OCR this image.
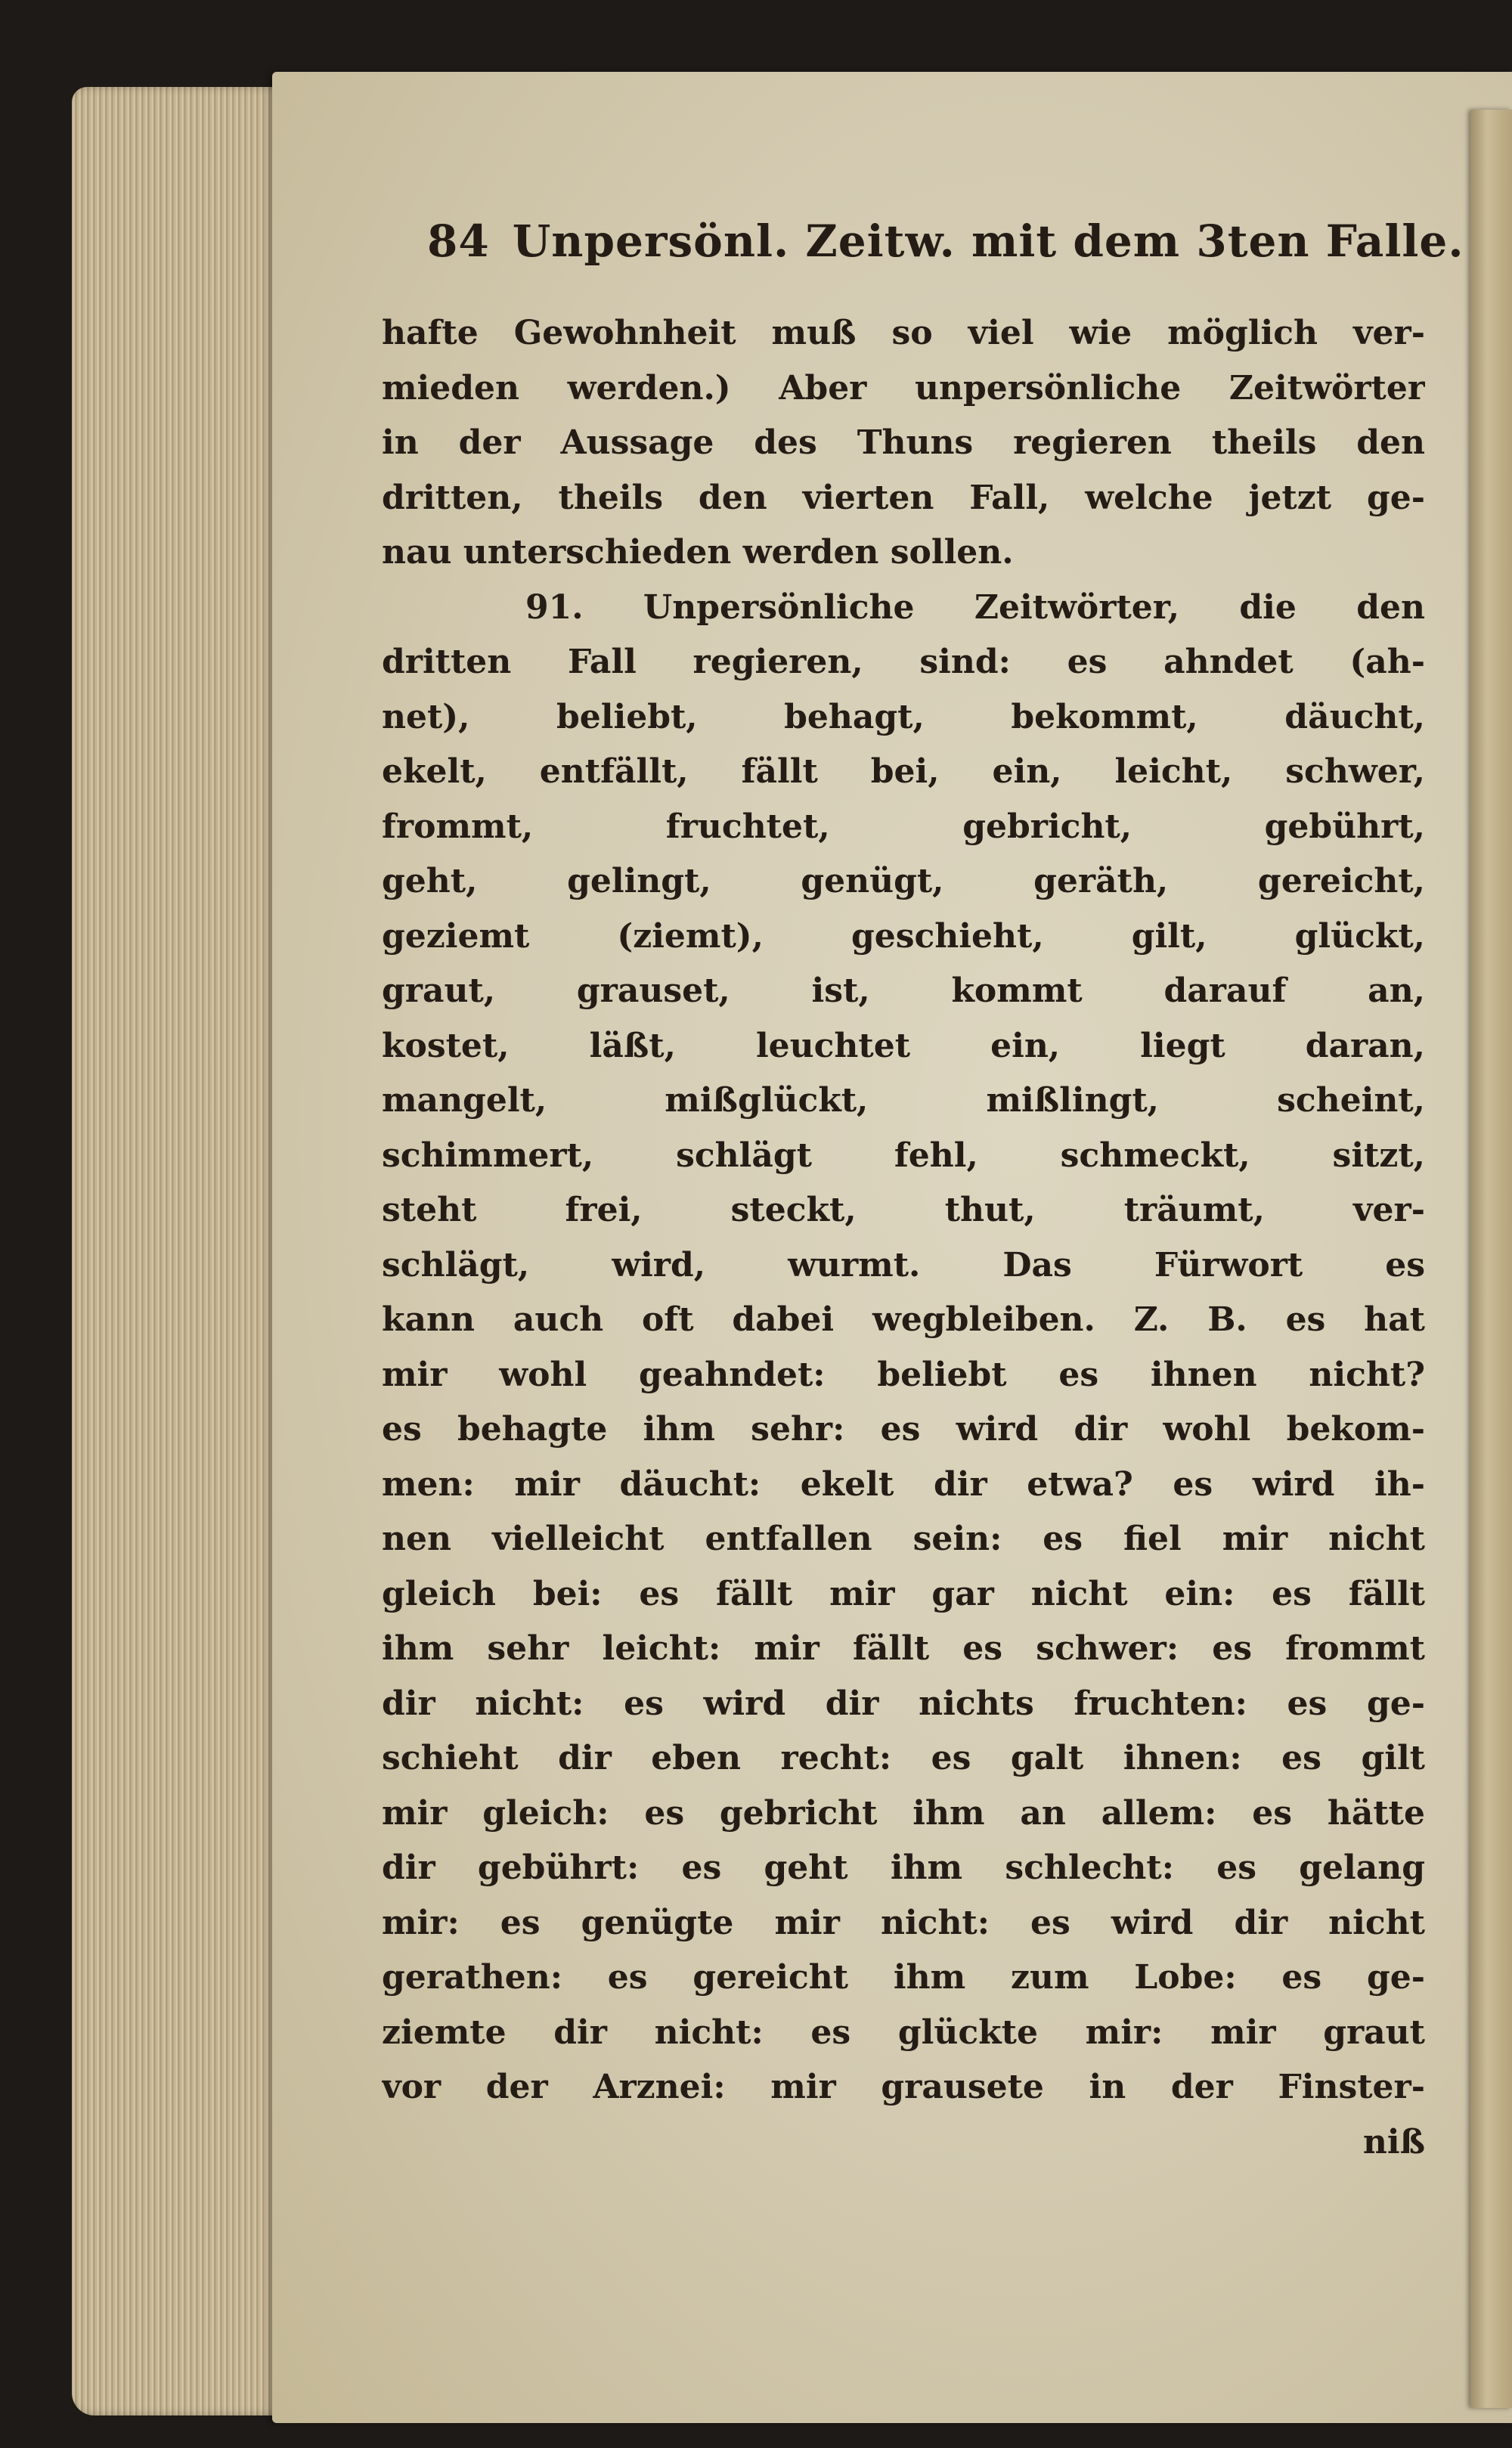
84 Unpersönl. Zeitw. mit dem 3ten Falle.
hafte Gewohnheit muß so viel wie möglich ver-
mieden werden.) Aber unpersönliche Zeitwörter
in der Aussage des Thuns regieren theils den
dritten, theils den vierten Fall, welche jetzt ge-
nau unterschieden werden sollen.
91. Unpersönliche Zeitwörter, die den
dritten Fall regieren, sind: es ahndet (ah-
net), beliebt, behagt, bekommt, däucht,
ekelt, entfällt, fällt bei, ein, leicht, schwer,
frommt, fruchtet, gebricht, gebührt,
geht, gelingt, genügt, geräth, gereicht,
geziemt (ziemt), geschieht, gilt, glückt,
graut, grauset, ist, kommt darauf an,
kostet, läßt, leuchtet ein, liegt daran,
mangelt, mißglückt, mißlingt, scheint,
schimmert, schlägt fehl, schmeckt, sitzt,
steht frei, steckt, thut, träumt, ver-
schlägt, wird, wurmt. Das Fürwort es
kann auch oft dabei wegbleiben. Z. B. es hat
mir wohl geahndet: beliebt es ihnen nicht?
es behagte ihm sehr: es wird dir wohl bekom-
men: mir däucht: ekelt dir etwa? es wird ih-
nen vielleicht entfallen sein: es fiel mir nicht
gleich bei: es fällt mir gar nicht ein: es fällt
ihm sehr leicht: mir fällt es schwer: es frommt
dir nicht: es wird dir nichts fruchten: es ge-
schieht dir eben recht: es galt ihnen: es gilt
mir gleich: es gebricht ihm an allem: es hätte
dir gebührt: es geht ihm schlecht: es gelang
mir: es genügte mir nicht: es wird dir nicht
gerathen: es gereicht ihm zum Lobe: es ge-
ziemte dir nicht: es glückte mir: mir graut
vor der Arznei: mir grausete in der Finster-
niß
